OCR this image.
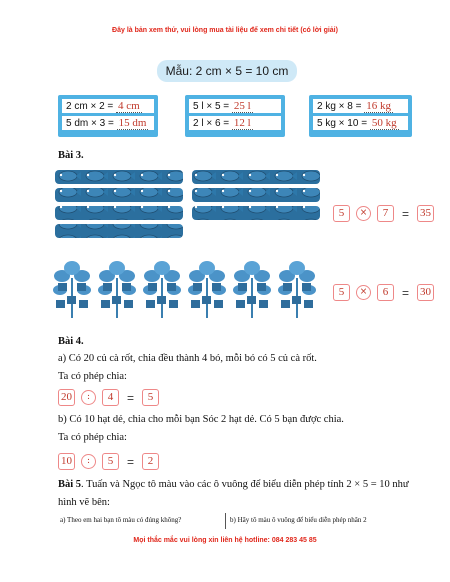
Đây là bản xem thử, vui lòng mua tài liệu để xem chi tiết (có lời giải)
Mẫu: 2 cm × 5 = 10 cm
2 cm × 2 = 4 cm
5 dm × 3 = 15 dm
5 l × 5 = 25 l
2 l × 6 = 12 l
2 kg × 8 = 16 kg
5 kg × 10 = 50 kg
Bài 3.
5	×	7	=	35
5	×	6	=	30
Bài 4.
a) Có 20 củ cà rốt, chia đều thành 4 bó, mỗi bó có 5 củ cà rốt.
Ta có phép chia:
20	:	4	=	5
b) Có 10 hạt dẻ, chia cho mỗi bạn Sóc 2 hạt dẻ. Có 5 bạn được chia.
Ta có phép chia:
10	:	5	=	2
Bài 5. Tuấn và Ngọc tô màu vào các ô vuông để biểu diễn phép tính 2 × 5 = 10 như
hình vẽ bên:
a) Theo em hai bạn tô màu có đúng không?	b) Hãy tô màu ô vuông để biểu diễn phép nhân 2
Mọi thắc mắc vui lòng xin liên hệ hotline: 084 283 45 85
